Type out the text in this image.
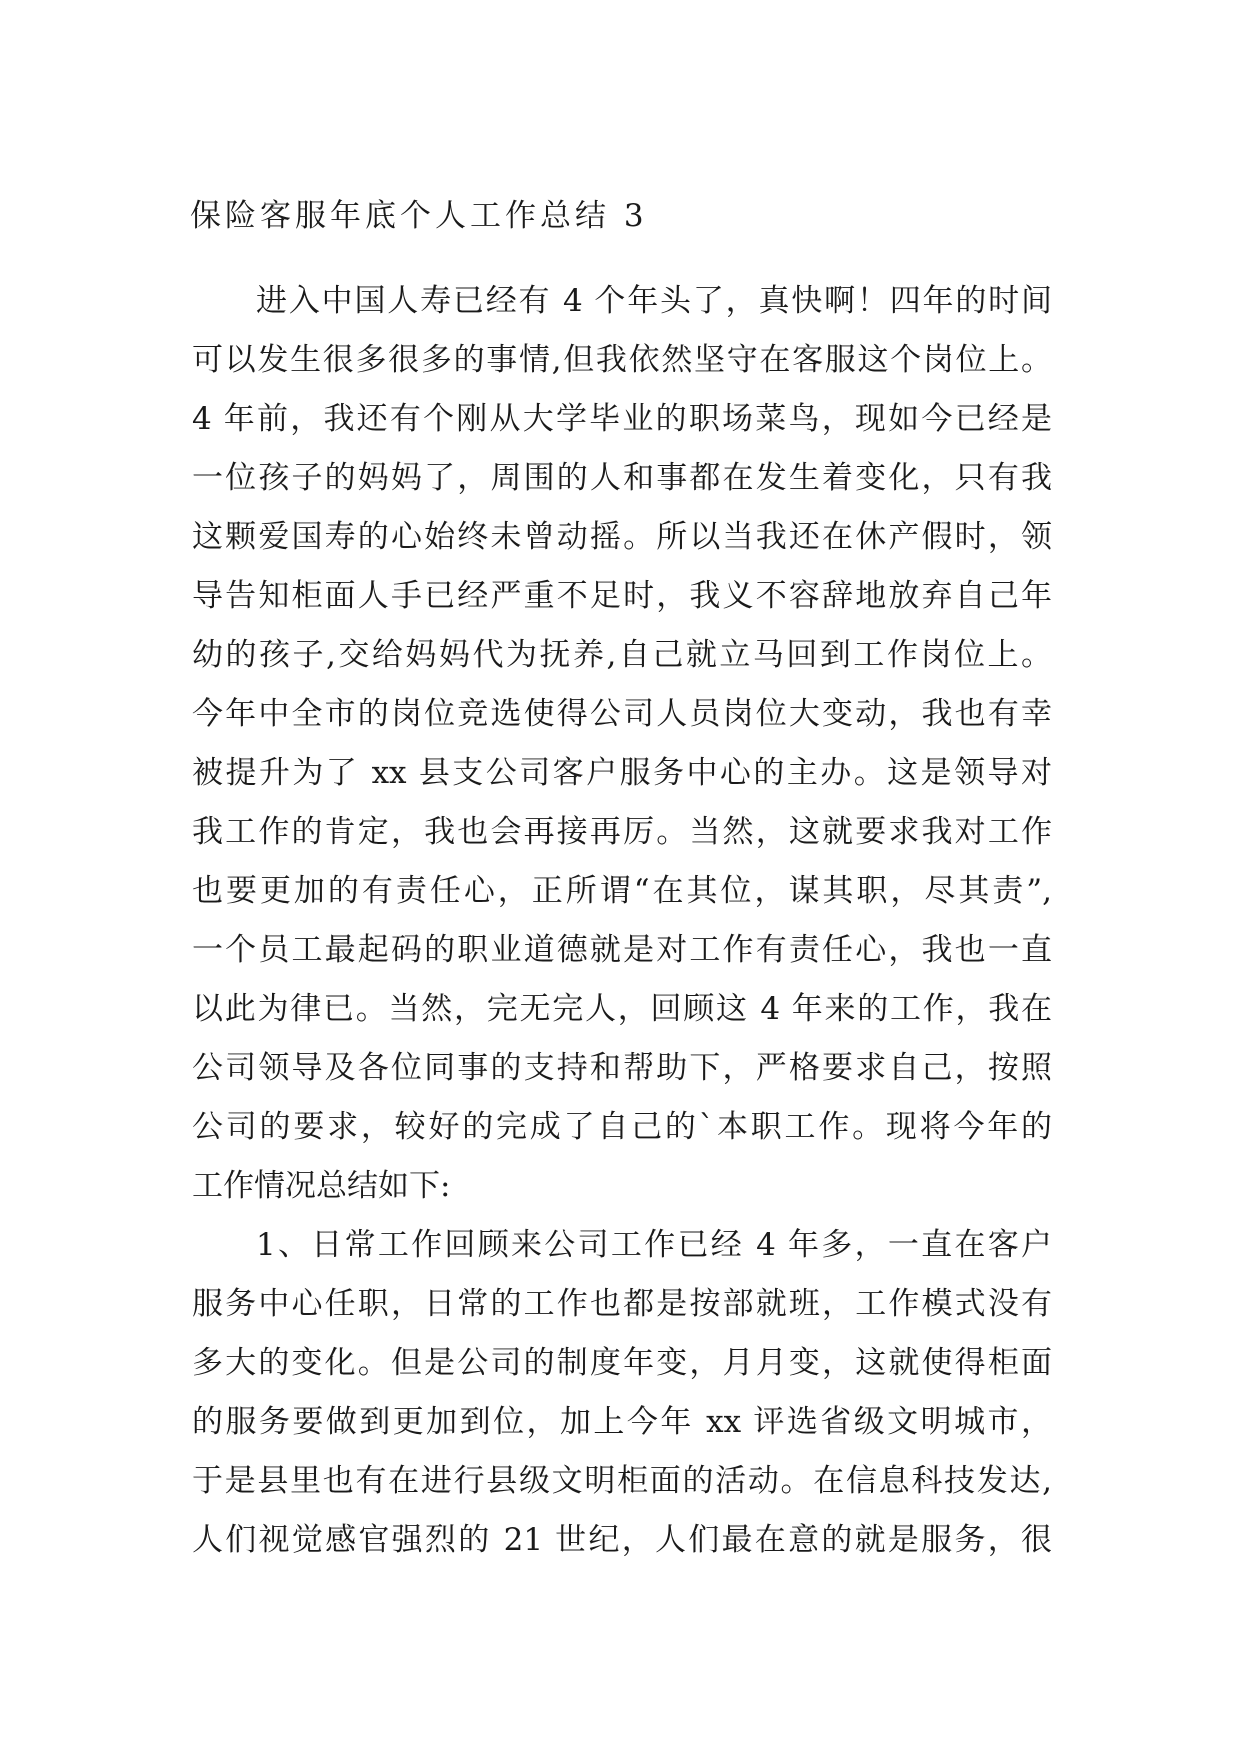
保险客服年底个人工作总结 3
进入中国人寿已经有 4 个年头了，真快啊！四年的时间
可以发生很多很多的事情,但我依然坚守在客服这个岗位上。
4 年前，我还有个刚从大学毕业的职场菜鸟，现如今已经是
一位孩子的妈妈了，周围的人和事都在发生着变化，只有我
这颗爱国寿的心始终未曾动摇。所以当我还在休产假时，领
导告知柜面人手已经严重不足时，我义不容辞地放弃自己年
幼的孩子,交给妈妈代为抚养,自己就立马回到工作岗位上。
今年中全市的岗位竞选使得公司人员岗位大变动，我也有幸
被提升为了 xx 县支公司客户服务中心的主办。这是领导对
我工作的肯定，我也会再接再厉。当然，这就要求我对工作
也要更加的有责任心，正所谓“在其位，谋其职，尽其责”,
一个员工最起码的职业道德就是对工作有责任心，我也一直
以此为律已。当然，完无完人，回顾这 4 年来的工作，我在
公司领导及各位同事的支持和帮助下，严格要求自己，按照
公司的要求，较好的完成了自己的`本职工作。现将今年的
工作情况总结如下:
1、日常工作回顾来公司工作已经 4 年多，一直在客户
服务中心任职，日常的工作也都是按部就班，工作模式没有
多大的变化。但是公司的制度年变，月月变，这就使得柜面
的服务要做到更加到位，加上今年 xx 评选省级文明城市，
于是县里也有在进行县级文明柜面的活动。在信息科技发达,
人们视觉感官强烈的 21 世纪，人们最在意的就是服务，很
